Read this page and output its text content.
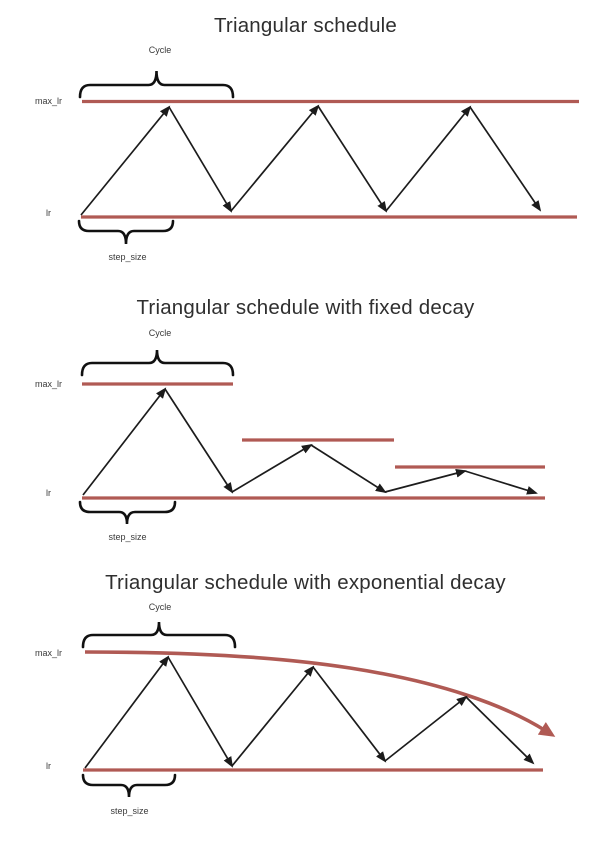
Triangular schedule
Cycle
max_lr
lr
step_size
Triangular schedule with fixed decay
Cycle
max_lr
lr
step_size
Triangular schedule with exponential decay
Cycle
max_lr
lr
step_size
